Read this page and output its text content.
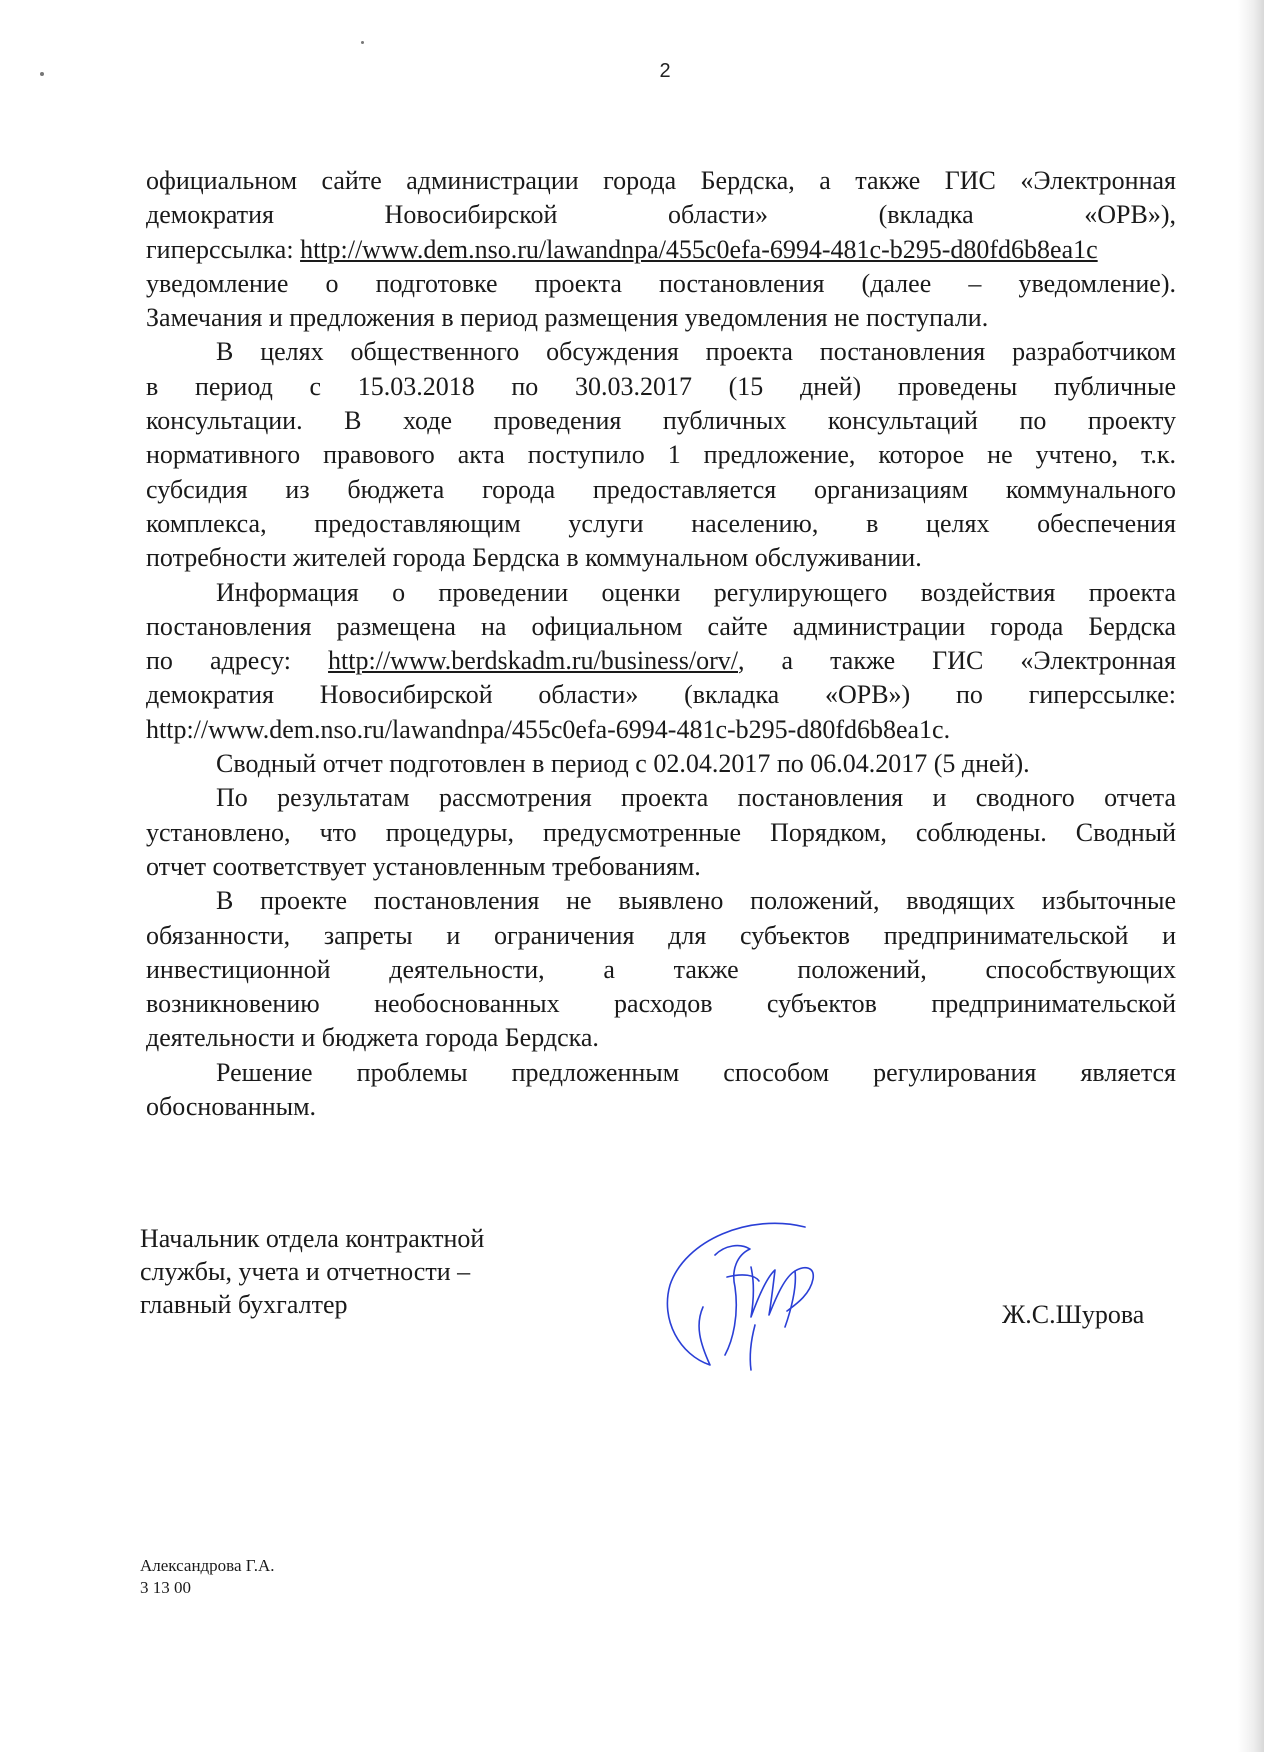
2
официальном сайте администрации города Бердска, а также ГИС «Электронная
демократия Новосибирской области» (вкладка «ОРВ»),
гиперссылка: http://www.dem.nso.ru/lawandnpa/455c0efa-6994-481c-b295-d80fd6b8ea1c
уведомление о подготовке проекта постановления (далее – уведомление).
Замечания и предложения в период размещения уведомления не поступали.
В целях общественного обсуждения проекта постановления разработчиком
в период с 15.03.2018 по 30.03.2017 (15 дней) проведены публичные
консультации. В ходе проведения публичных консультаций по проекту
нормативного правового акта поступило 1 предложение, которое не учтено, т.к.
субсидия из бюджета города предоставляется организациям коммунального
комплекса, предоставляющим услуги населению, в целях обеспечения
потребности жителей города Бердска в коммунальном обслуживании.
Информация о проведении оценки регулирующего воздействия проекта
постановления размещена на официальном сайте администрации города Бердска
по адресу: http://www.berdskadm.ru/business/orv/, а также ГИС «Электронная
демократия Новосибирской области» (вкладка «ОРВ») по гиперссылке:
http://www.dem.nso.ru/lawandnpa/455c0efa-6994-481c-b295-d80fd6b8ea1c.
Сводный отчет подготовлен в период с 02.04.2017 по 06.04.2017 (5 дней).
По результатам рассмотрения проекта постановления и сводного отчета
установлено, что процедуры, предусмотренные Порядком, соблюдены. Сводный
отчет соответствует установленным требованиям.
В проекте постановления не выявлено положений, вводящих избыточные
обязанности, запреты и ограничения для субъектов предпринимательской и
инвестиционной деятельности, а также положений, способствующих
возникновению необоснованных расходов субъектов предпринимательской
деятельности и бюджета города Бердска.
Решение проблемы предложенным способом регулирования является
обоснованным.
Начальник отдела контрактной
службы, учета и отчетности –
главный бухгалтер	Ж.С.Шурова
Александрова Г.А.
3 13 00
